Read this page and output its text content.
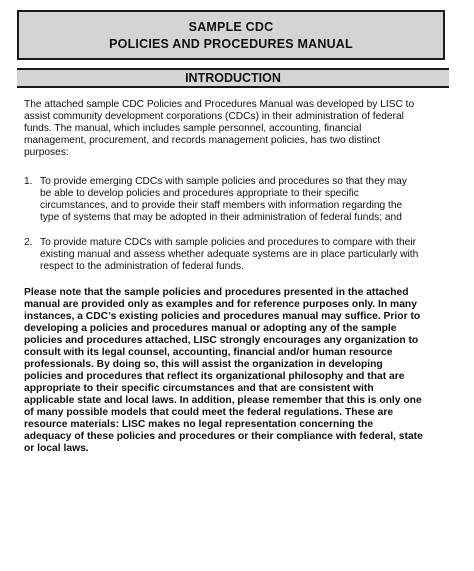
SAMPLE CDC
POLICIES AND PROCEDURES MANUAL
INTRODUCTION
The attached sample CDC Policies and Procedures Manual was developed by LISC to
assist community development corporations (CDCs) in their administration of federal
funds. The manual, which includes sample personnel, accounting, financial
management, procurement, and records management policies, has two distinct
purposes:
1. To provide emerging CDCs with sample policies and procedures so that they may
be able to develop policies and procedures appropriate to their specific
circumstances, and to provide their staff members with information regarding the
type of systems that may be adopted in their administration of federal funds; and
2. To provide mature CDCs with sample policies and procedures to compare with their
existing manual and assess whether adequate systems are in place particularly with
respect to the administration of federal funds.
Please note that the sample policies and procedures presented in the attached
manual are provided only as examples and for reference purposes only. In many
instances, a CDC’s existing policies and procedures manual may suffice. Prior to
developing a policies and procedures manual or adopting any of the sample
policies and procedures attached, LISC strongly encourages any organization to
consult with its legal counsel, accounting, financial and/or human resource
professionals. By doing so, this will assist the organization in developing
policies and procedures that reflect its organizational philosophy and that are
appropriate to their specific circumstances and that are consistent with
applicable state and local laws. In addition, please remember that this is only one
of many possible models that could meet the federal regulations. These are
resource materials: LISC makes no legal representation concerning the
adequacy of these policies and procedures or their compliance with federal, state
or local laws.
